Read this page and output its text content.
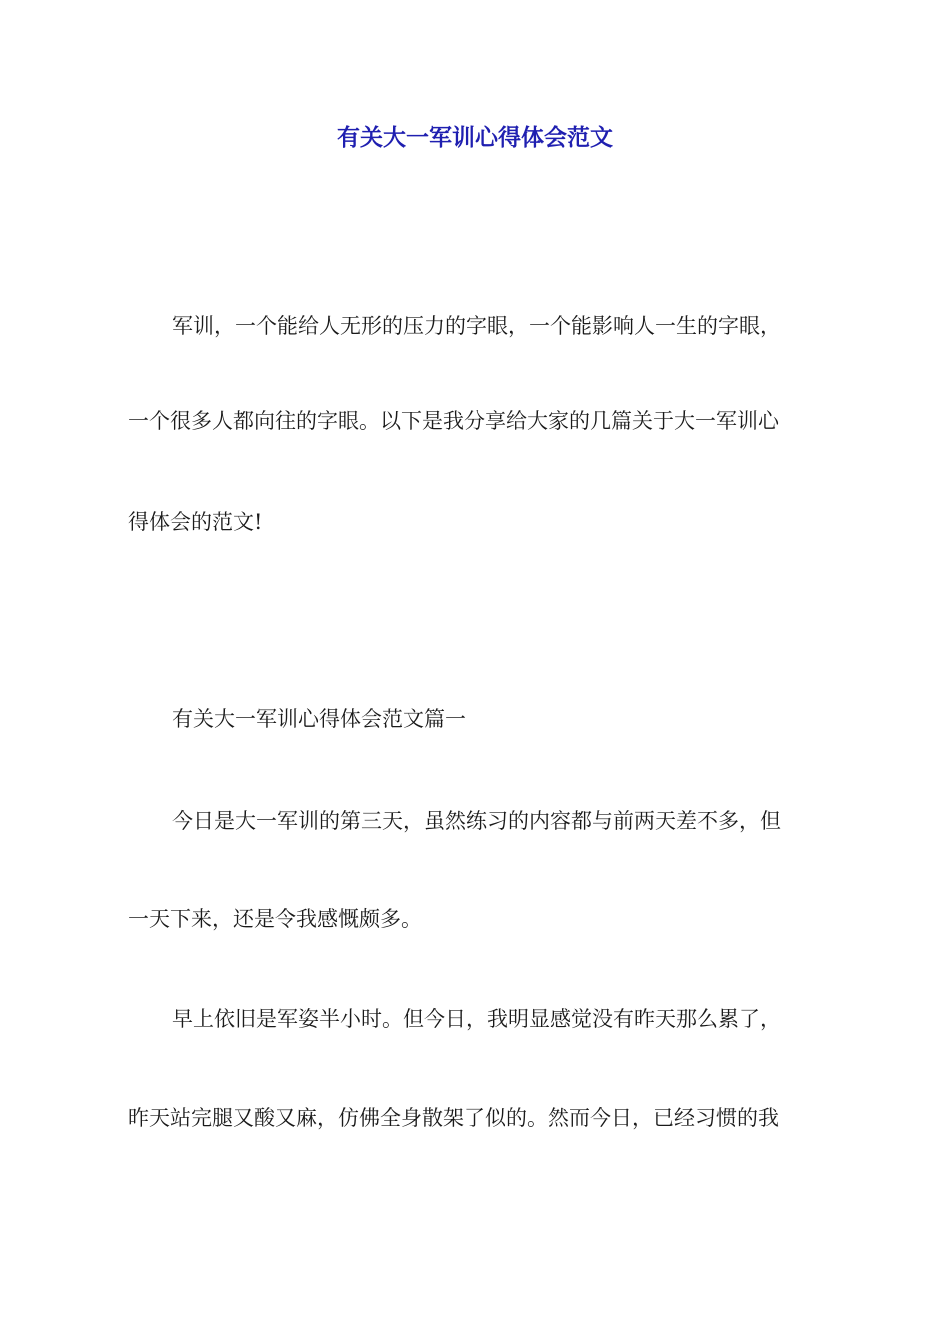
有关大一军训心得体会范文

军训，一个能给人无形的压力的字眼，一个能影响人一生的字眼，

一个很多人都向往的字眼。以下是我分享给大家的几篇关于大一军训心

得体会的范文!

有关大一军训心得体会范文篇一

今日是大一军训的第三天，虽然练习的内容都与前两天差不多，但

一天下来，还是令我感慨颇多。

早上依旧是军姿半小时。但今日，我明显感觉没有昨天那么累了，

昨天站完腿又酸又麻，仿佛全身散架了似的。然而今日，已经习惯的我
